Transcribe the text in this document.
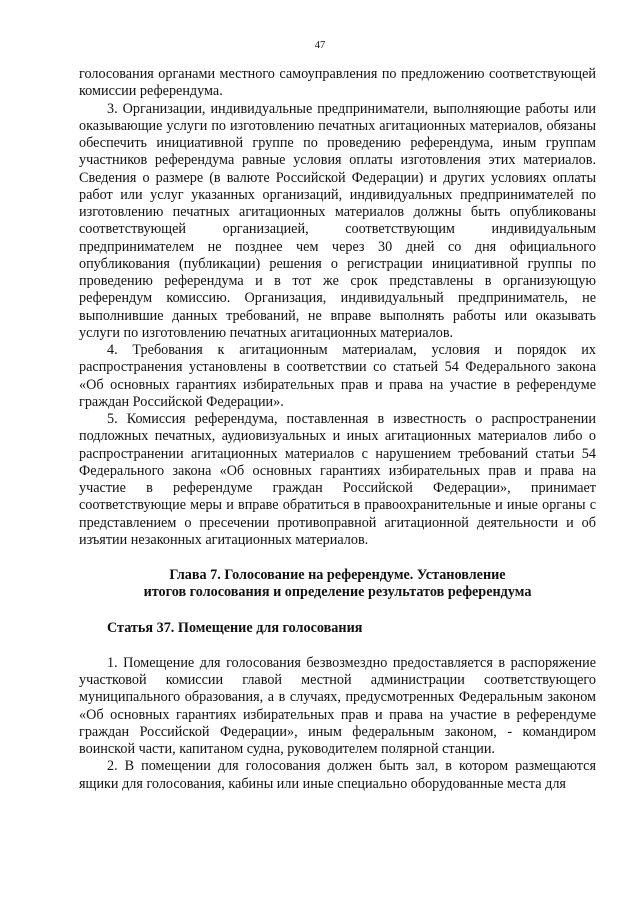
47

голосования органами местного самоуправления по предложению соответствующей комиссии референдума.

3. Организации, индивидуальные предприниматели, выполняющие работы или оказывающие услуги по изготовлению печатных агитационных материалов, обязаны обеспечить инициативной группе по проведению референдума, иным группам участников референдума равные условия оплаты изготовления этих материалов. Сведения о размере (в валюте Российской Федерации) и других условиях оплаты работ или услуг указанных организаций, индивидуальных предпринимателей по изготовлению печатных агитационных материалов должны быть опубликованы соответствующей организацией, соответствующим индивидуальным предпринимателем не позднее чем через 30 дней со дня официального опубликования (публикации) решения о регистрации инициативной группы по проведению референдума и в тот же срок представлены в организующую референдум комиссию. Организация, индивидуальный предприниматель, не выполнившие данных требований, не вправе выполнять работы или оказывать услуги по изготовлению печатных агитационных материалов.

4. Требования к агитационным материалам, условия и порядок их распространения установлены в соответствии со статьей 54 Федерального закона «Об основных гарантиях избирательных прав и права на участие в референдуме граждан Российской Федерации».

5. Комиссия референдума, поставленная в известность о распространении подложных печатных, аудиовизуальных и иных агитационных материалов либо о распространении агитационных материалов с нарушением требований статьи 54 Федерального закона «Об основных гарантиях избирательных прав и права на участие в референдуме граждан Российской Федерации», принимает соответствующие меры и вправе обратиться в правоохранительные и иные органы с представлением о пресечении противоправной агитационной деятельности и об изъятии незаконных агитационных материалов.

Глава 7. Голосование на референдуме. Установление
итогов голосования и определение результатов референдума

Статья 37. Помещение для голосования

1. Помещение для голосования безвозмездно предоставляется в распоряжение участковой комиссии главой местной администрации соответствующего муниципального образования, а в случаях, предусмотренных Федеральным законом «Об основных гарантиях избирательных прав и права на участие в референдуме граждан Российской Федерации», иным федеральным законом, - командиром воинской части, капитаном судна, руководителем полярной станции.

2. В помещении для голосования должен быть зал, в котором размещаются ящики для голосования, кабины или иные специально оборудованные места для
